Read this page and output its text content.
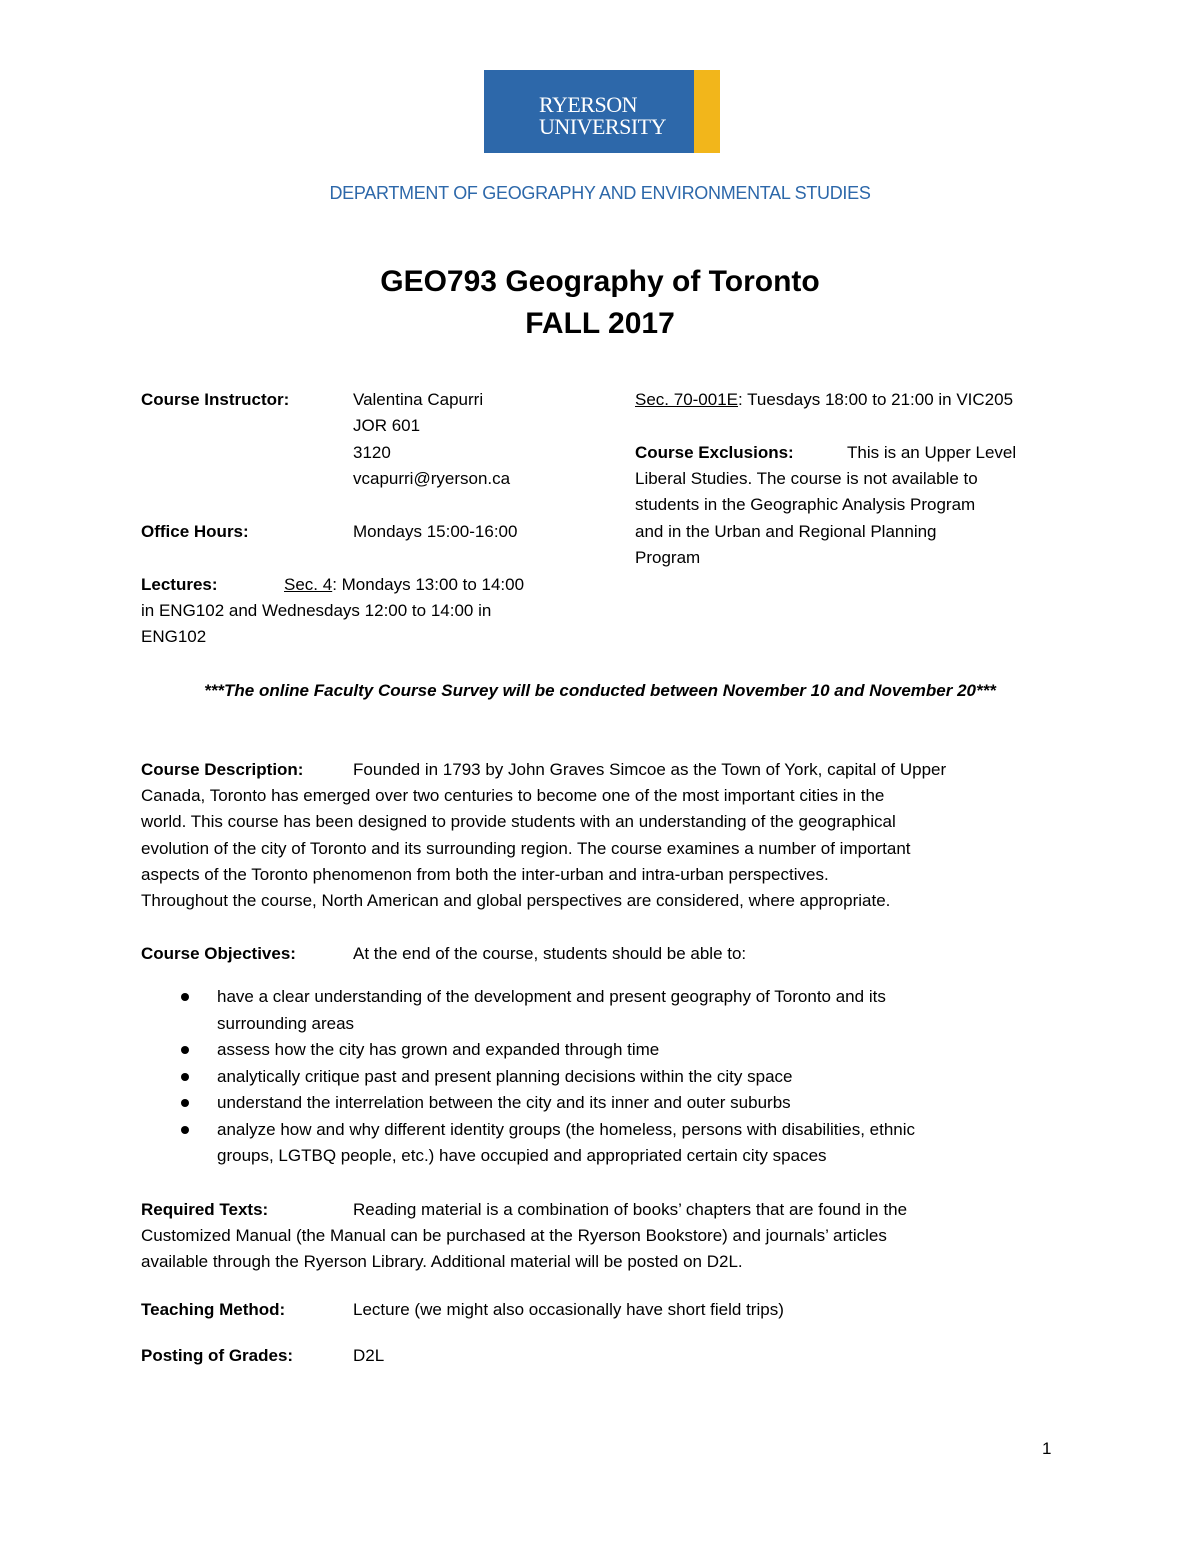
RYERSON
UNIVERSITY
DEPARTMENT OF GEOGRAPHY AND ENVIRONMENTAL STUDIES
GEO793 Geography of Toronto
FALL 2017
Course Instructor:	Valentina Capurri
JOR 601
3120
vcapurri@ryerson.ca
Office Hours:	Mondays 15:00-16:00
Lectures:	Sec. 4: Mondays 13:00 to 14:00
in ENG102 and Wednesdays 12:00 to 14:00 in
ENG102
Sec. 70-001E: Tuesdays 18:00 to 21:00 in VIC205
Course Exclusions:	This is an Upper Level
Liberal Studies. The course is not available to
students in the Geographic Analysis Program
and in the Urban and Regional Planning
Program
***The online Faculty Course Survey will be conducted between November 10 and November 20***
Course Description:	Founded in 1793 by John Graves Simcoe as the Town of York, capital of Upper
Canada, Toronto has emerged over two centuries to become one of the most important cities in the
world. This course has been designed to provide students with an understanding of the geographical
evolution of the city of Toronto and its surrounding region. The course examines a number of important
aspects of the Toronto phenomenon from both the inter-urban and intra-urban perspectives.
Throughout the course, North American and global perspectives are considered, where appropriate.
Course Objectives:	At the end of the course, students should be able to:
have a clear understanding of the development and present geography of Toronto and its
surrounding areas
assess how the city has grown and expanded through time
analytically critique past and present planning decisions within the city space
understand the interrelation between the city and its inner and outer suburbs
analyze how and why different identity groups (the homeless, persons with disabilities, ethnic
groups, LGTBQ people, etc.) have occupied and appropriated certain city spaces
Required Texts:	Reading material is a combination of books’ chapters that are found in the
Customized Manual (the Manual can be purchased at the Ryerson Bookstore) and journals’ articles
available through the Ryerson Library. Additional material will be posted on D2L.
Teaching Method:	Lecture (we might also occasionally have short field trips)
Posting of Grades:	D2L
1
